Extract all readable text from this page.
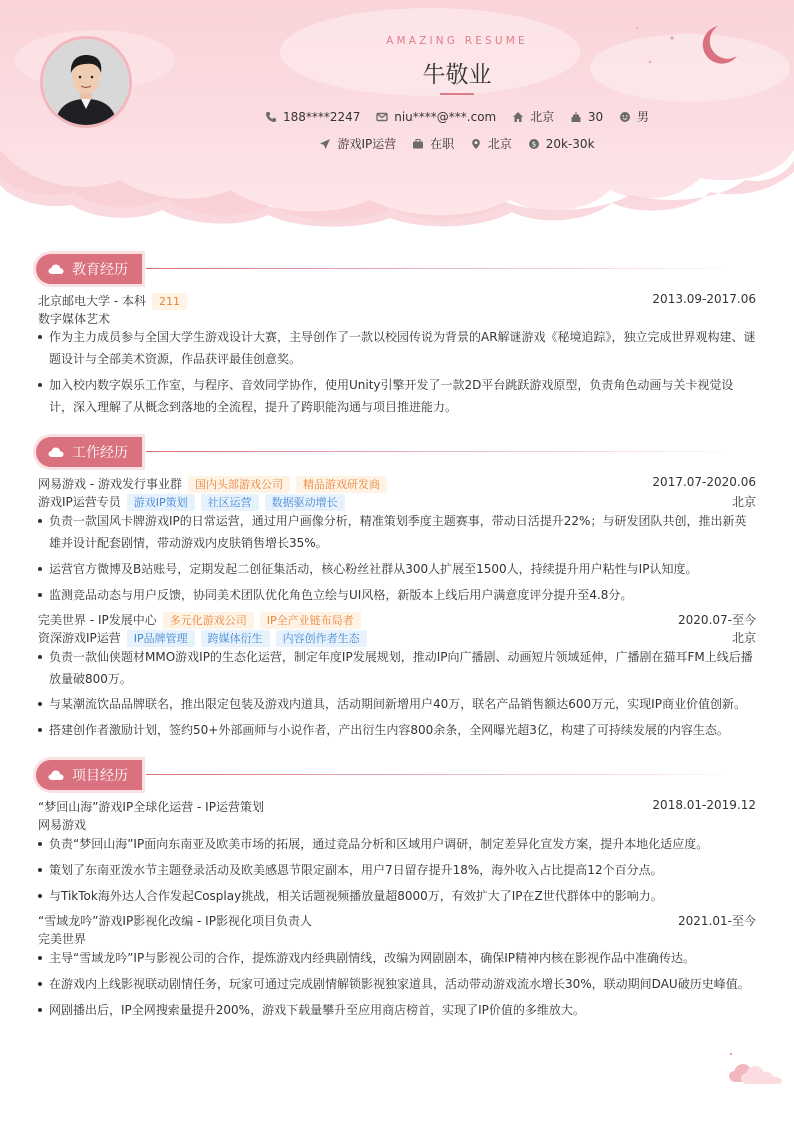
AMAZING RESUME
牛敬业
188****2247	niu****@***.com	北京	30	男
游戏IP运营	在职	北京	$ 20k-30k
教育经历
北京邮电大学 - 本科 211	2013.09-2017.06
数字媒体艺术
作为主力成员参与全国大学生游戏设计大赛，主导创作了一款以校园传说为背景的AR解谜游戏《秘境追踪》，独立完成世界观构建、谜题设计与全部美术资源，作品获评最佳创意奖。
加入校内数字娱乐工作室，与程序、音效同学协作，使用Unity引擎开发了一款2D平台跳跃游戏原型，负责角色动画与关卡视觉设计，深入理解了从概念到落地的全流程，提升了跨职能沟通与项目推进能力。
工作经历
网易游戏 - 游戏发行事业群 国内头部游戏公司 精品游戏研发商	2017.07-2020.06
游戏IP运营专员 游戏IP策划 社区运营 数据驱动增长	北京
负责一款国风卡牌游戏IP的日常运营，通过用户画像分析，精准策划季度主题赛事，带动日活提升22%；与研发团队共创，推出新英雄并设计配套剧情，带动游戏内皮肤销售增长35%。
运营官方微博及B站账号，定期发起二创征集活动，核心粉丝社群从300人扩展至1500人，持续提升用户粘性与IP认知度。
监测竞品动态与用户反馈，协同美术团队优化角色立绘与UI风格，新版本上线后用户满意度评分提升至4.8分。
完美世界 - IP发展中心 多元化游戏公司 IP全产业链布局者	2020.07-至今
资深游戏IP运营 IP品牌管理 跨媒体衍生 内容创作者生态	北京
负责一款仙侠题材MMO游戏IP的生态化运营，制定年度IP发展规划，推动IP向广播剧、动画短片领域延伸，广播剧在猫耳FM上线后播放量破800万。
与某潮流饮品品牌联名，推出限定包装及游戏内道具，活动期间新增用户40万，联名产品销售额达600万元，实现IP商业价值创新。
搭建创作者激励计划，签约50+外部画师与小说作者，产出衍生内容800余条，全网曝光超3亿，构建了可持续发展的内容生态。
项目经历
“梦回山海”游戏IP全球化运营 - IP运营策划	2018.01-2019.12
网易游戏
负责“梦回山海”IP面向东南亚及欧美市场的拓展，通过竞品分析和区域用户调研，制定差异化宣发方案，提升本地化适应度。
策划了东南亚泼水节主题登录活动及欧美感恩节限定副本，用户7日留存提升18%，海外收入占比提高12个百分点。
与TikTok海外达人合作发起Cosplay挑战，相关话题视频播放量超8000万，有效扩大了IP在Z世代群体中的影响力。
“雪域龙吟”游戏IP影视化改编 - IP影视化项目负责人	2021.01-至今
完美世界
主导“雪域龙吟”IP与影视公司的合作，提炼游戏内经典剧情线，改编为网剧剧本，确保IP精神内核在影视作品中准确传达。
在游戏内上线影视联动剧情任务，玩家可通过完成剧情解锁影视独家道具，活动带动游戏流水增长30%，联动期间DAU破历史峰值。
网剧播出后，IP全网搜索量提升200%，游戏下载量攀升至应用商店榜首，实现了IP价值的多维放大。
